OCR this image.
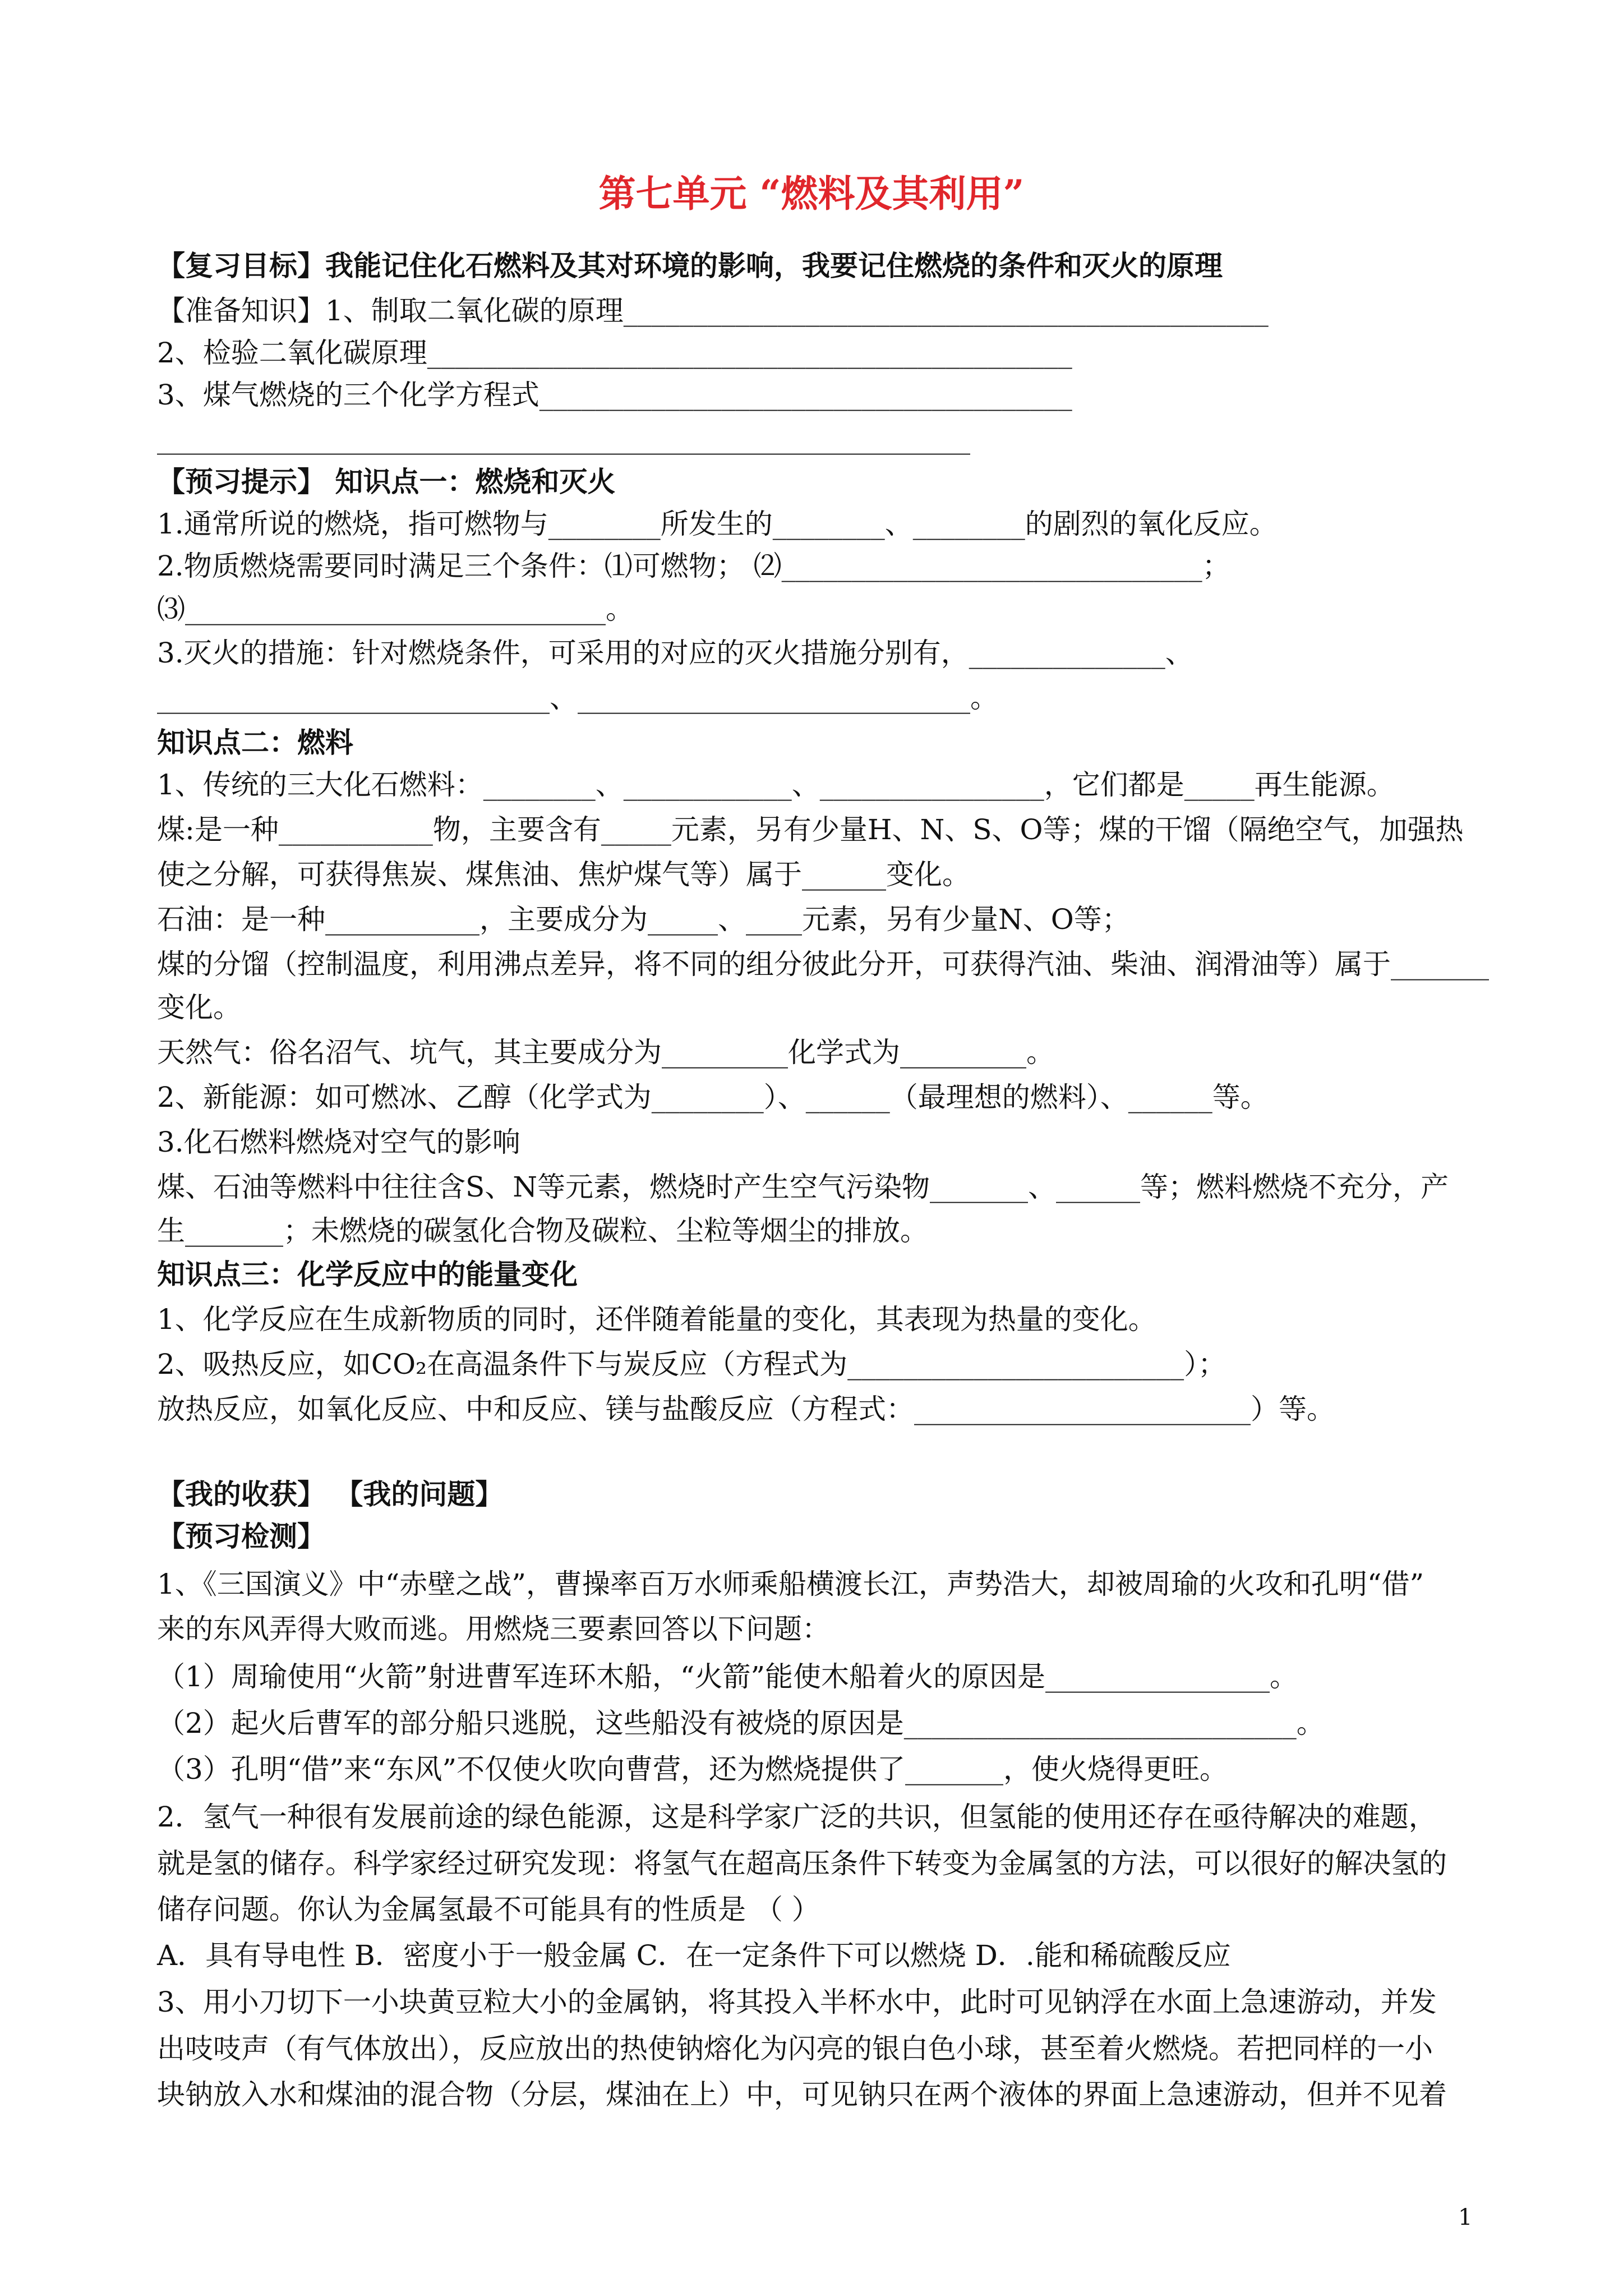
第七单元 “燃料及其利用”
【复习目标】我能记住化石燃料及其对环境的影响，我要记住燃烧的条件和灭火的原理
【准备知识】1、制取二氧化碳的原理______________________________________________
2、检验二氧化碳原理______________________________________________
3、煤气燃烧的三个化学方程式______________________________________
__________________________________________________________
【预习提示】 知识点一：燃烧和灭火
1.通常所说的燃烧，指可燃物与________所发生的________、________的剧烈的氧化反应。
2.物质燃烧需要同时满足三个条件：⑴可燃物； ⑵______________________________；
⑶______________________________。
3.灭火的措施：针对燃烧条件，可采用的对应的灭火措施分别有，______________、
____________________________、____________________________。
知识点二：燃料
1、传统的三大化石燃料：________、____________、________________，它们都是_____再生能源。
煤:是一种___________物，主要含有_____元素，另有少量H、N、S、O等；煤的干馏（隔绝空气，加强热
使之分解，可获得焦炭、煤焦油、焦炉煤气等）属于______变化。
石油：是一种___________，主要成分为_____、____元素，另有少量N、O等；
煤的分馏（控制温度，利用沸点差异，将不同的组分彼此分开，可获得汽油、柴油、润滑油等）属于_______
变化。
天然气：俗名沼气、坑气，其主要成分为_________化学式为_________。
2、新能源：如可燃冰、乙醇（化学式为________）、______（最理想的燃料）、______等。
3.化石燃料燃烧对空气的影响
煤、石油等燃料中往往含S、N等元素，燃烧时产生空气污染物_______、______等；燃料燃烧不充分，产
生_______；未燃烧的碳氢化合物及碳粒、尘粒等烟尘的排放。
知识点三：化学反应中的能量变化
1、化学反应在生成新物质的同时，还伴随着能量的变化，其表现为热量的变化。
2、吸热反应，如CO₂在高温条件下与炭反应（方程式为________________________）；
放热反应，如氧化反应、中和反应、镁与盐酸反应（方程式：________________________）等。
【我的收获】 【我的问题】
【预习检测】
1、《三国演义》中“赤壁之战”，曹操率百万水师乘船横渡长江，声势浩大，却被周瑜的火攻和孔明“借”
来的东风弄得大败而逃。用燃烧三要素回答以下问题：
（1）周瑜使用“火箭”射进曹军连环木船，“火箭”能使木船着火的原因是________________。
（2）起火后曹军的部分船只逃脱，这些船没有被烧的原因是____________________________。
（3）孔明“借”来“东风”不仅使火吹向曹营，还为燃烧提供了_______，使火烧得更旺。
2．氢气一种很有发展前途的绿色能源，这是科学家广泛的共识，但氢能的使用还存在亟待解决的难题，
就是氢的储存。科学家经过研究发现：将氢气在超高压条件下转变为金属氢的方法，可以很好的解决氢的
储存问题。你认为金属氢最不可能具有的性质是 （ ）
A．具有导电性 B．密度小于一般金属 C．在一定条件下可以燃烧 D．.能和稀硫酸反应
3、用小刀切下一小块黄豆粒大小的金属钠，将其投入半杯水中，此时可见钠浮在水面上急速游动，并发
出吱吱声（有气体放出），反应放出的热使钠熔化为闪亮的银白色小球，甚至着火燃烧。若把同样的一小
块钠放入水和煤油的混合物（分层，煤油在上）中，可见钠只在两个液体的界面上急速游动，但并不见着
1
